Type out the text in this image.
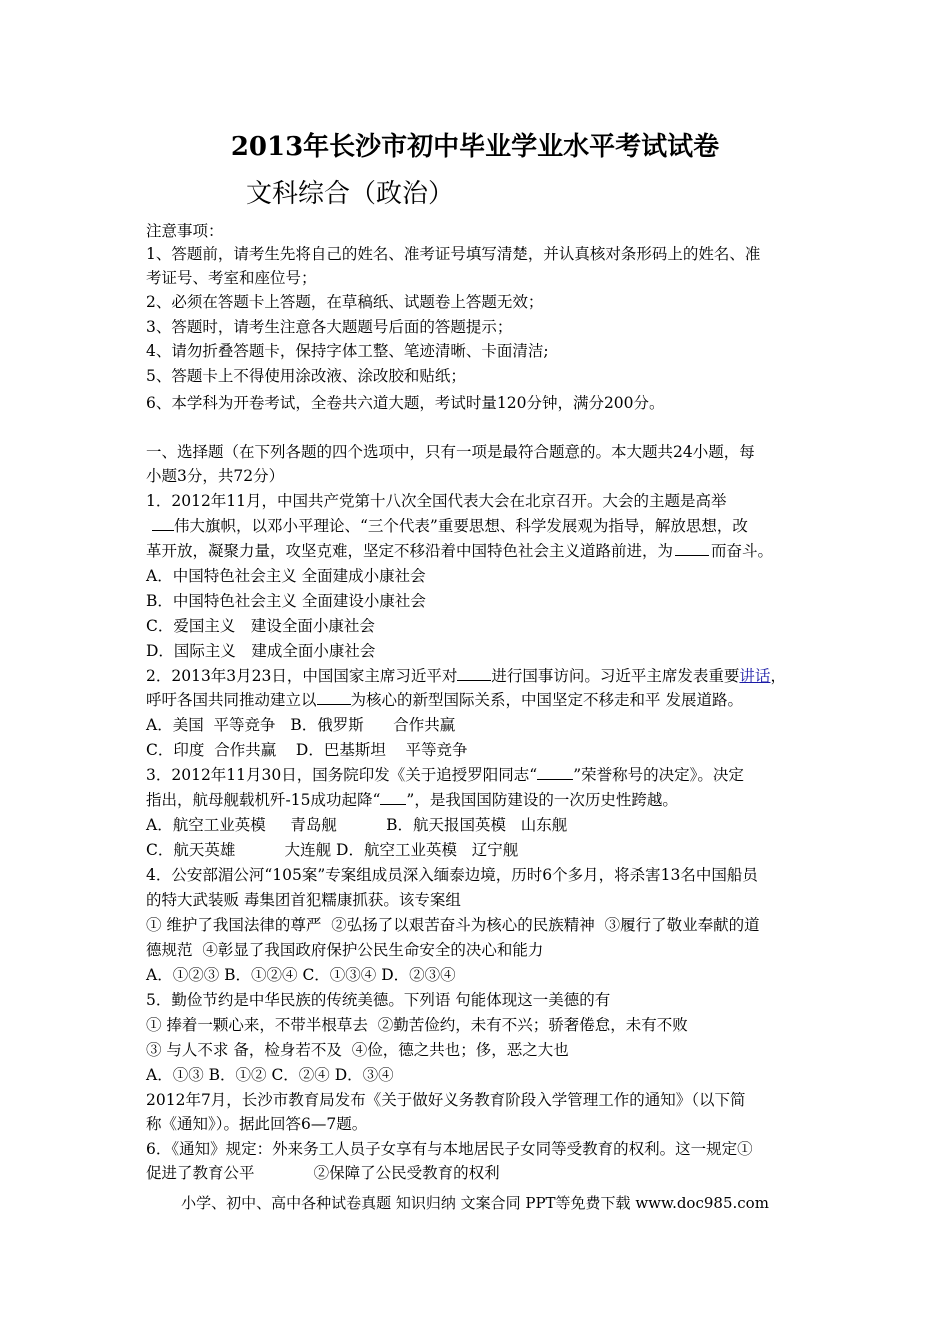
2013年长沙市初中毕业学业水平考试试卷
文科综合（政治）
注意事项：
1、答题前，请考生先将自己的姓名、准考证号填写清楚，并认真核对条形码上的姓名、准
考证号、考室和座位号；
2、必须在答题卡上答题，在草稿纸、试题卷上答题无效；
3、答题时，请考生注意各大题题号后面的答题提示；
4、请勿折叠答题卡，保持字体工整、笔迹清晰、卡面清洁;
5、答题卡上不得使用涂改液、涂改胶和贴纸；
6、本学科为开卷考试，全卷共六道大题，考试时量120分钟，满分200分。
一、选择题（在下列各题的四个选项中，只有一项是最符合题意的。本大题共24小题，每
小题3分，共72分）
1．2012年11月，中国共产党第十八次全国代表大会在北京召开。大会的主题是高举
伟大旗帜，以邓小平理论、“三个代表”重要思想、科学发展观为指导，解放思想，改
革开放，凝聚力量，攻坚克难，坚定不移沿着中国特色社会主义道路前进，为 而奋斗。
A．中国特色社会主义 全面建成小康社会
B．中国特色社会主义 全面建设小康社会
C．爱国主义　建设全面小康社会
D．国际主义　建成全面小康社会
2．2013年3月23日，中国国家主席习近平对 进行国事访问。习近平主席发表重要讲话，
呼吁各国共同推动建立以 为核心的新型国际关系，中国坚定不移走和平 发展道路。
A．美国  平等竞争   B．俄罗斯      合作共赢
C．印度  合作共赢    D．巴基斯坦    平等竞争
3．2012年11月30日，国务院印发《关于追授罗阳同志“ ”荣誉称号的决定》。决定
指出，航母舰载机歼-15成功起降“ ”，是我国国防建设的一次历史性跨越。
A．航空工业英模     青岛舰          B．航天报国英模   山东舰
C．航天英雄          大连舰 D．航空工业英模   辽宁舰
4．公安部湄公河“105案”专案组成员深入缅泰边境，历时6个多月，将杀害13名中国船员
的特大武装贩 毒集团首犯糯康抓获。该专案组
① 维护了我国法律的尊严  ②弘扬了以艰苦奋斗为核心的民族精神  ③履行了敬业奉献的道
德规范  ④彰显了我国政府保护公民生命安全的决心和能力
A．①②③ B．①②④ C．①③④ D．②③④
5．勤俭节约是中华民族的传统美德。下列语 句能体现这一美德的有
① 捧着一颗心来，不带半根草去  ②勤苦俭约，未有不兴；骄奢倦怠，未有不败
③ 与人不求 备，检身若不及  ④俭，德之共也；侈，恶之大也
A．①③ B．①② C．②④ D．③④
2012年7月，长沙市教育局发布《关于做好义务教育阶段入学管理工作的通知》（以下简
称《通知》）。据此回答6—7题。
6．《通知》规定：外来务工人员子女享有与本地居民子女同等受教育的权利。这一规定①
促进了教育公平            ②保障了公民受教育的权利
小学、初中、高中各种试卷真题 知识归纳 文案合同 PPT等免费下载 www.doc985.com
